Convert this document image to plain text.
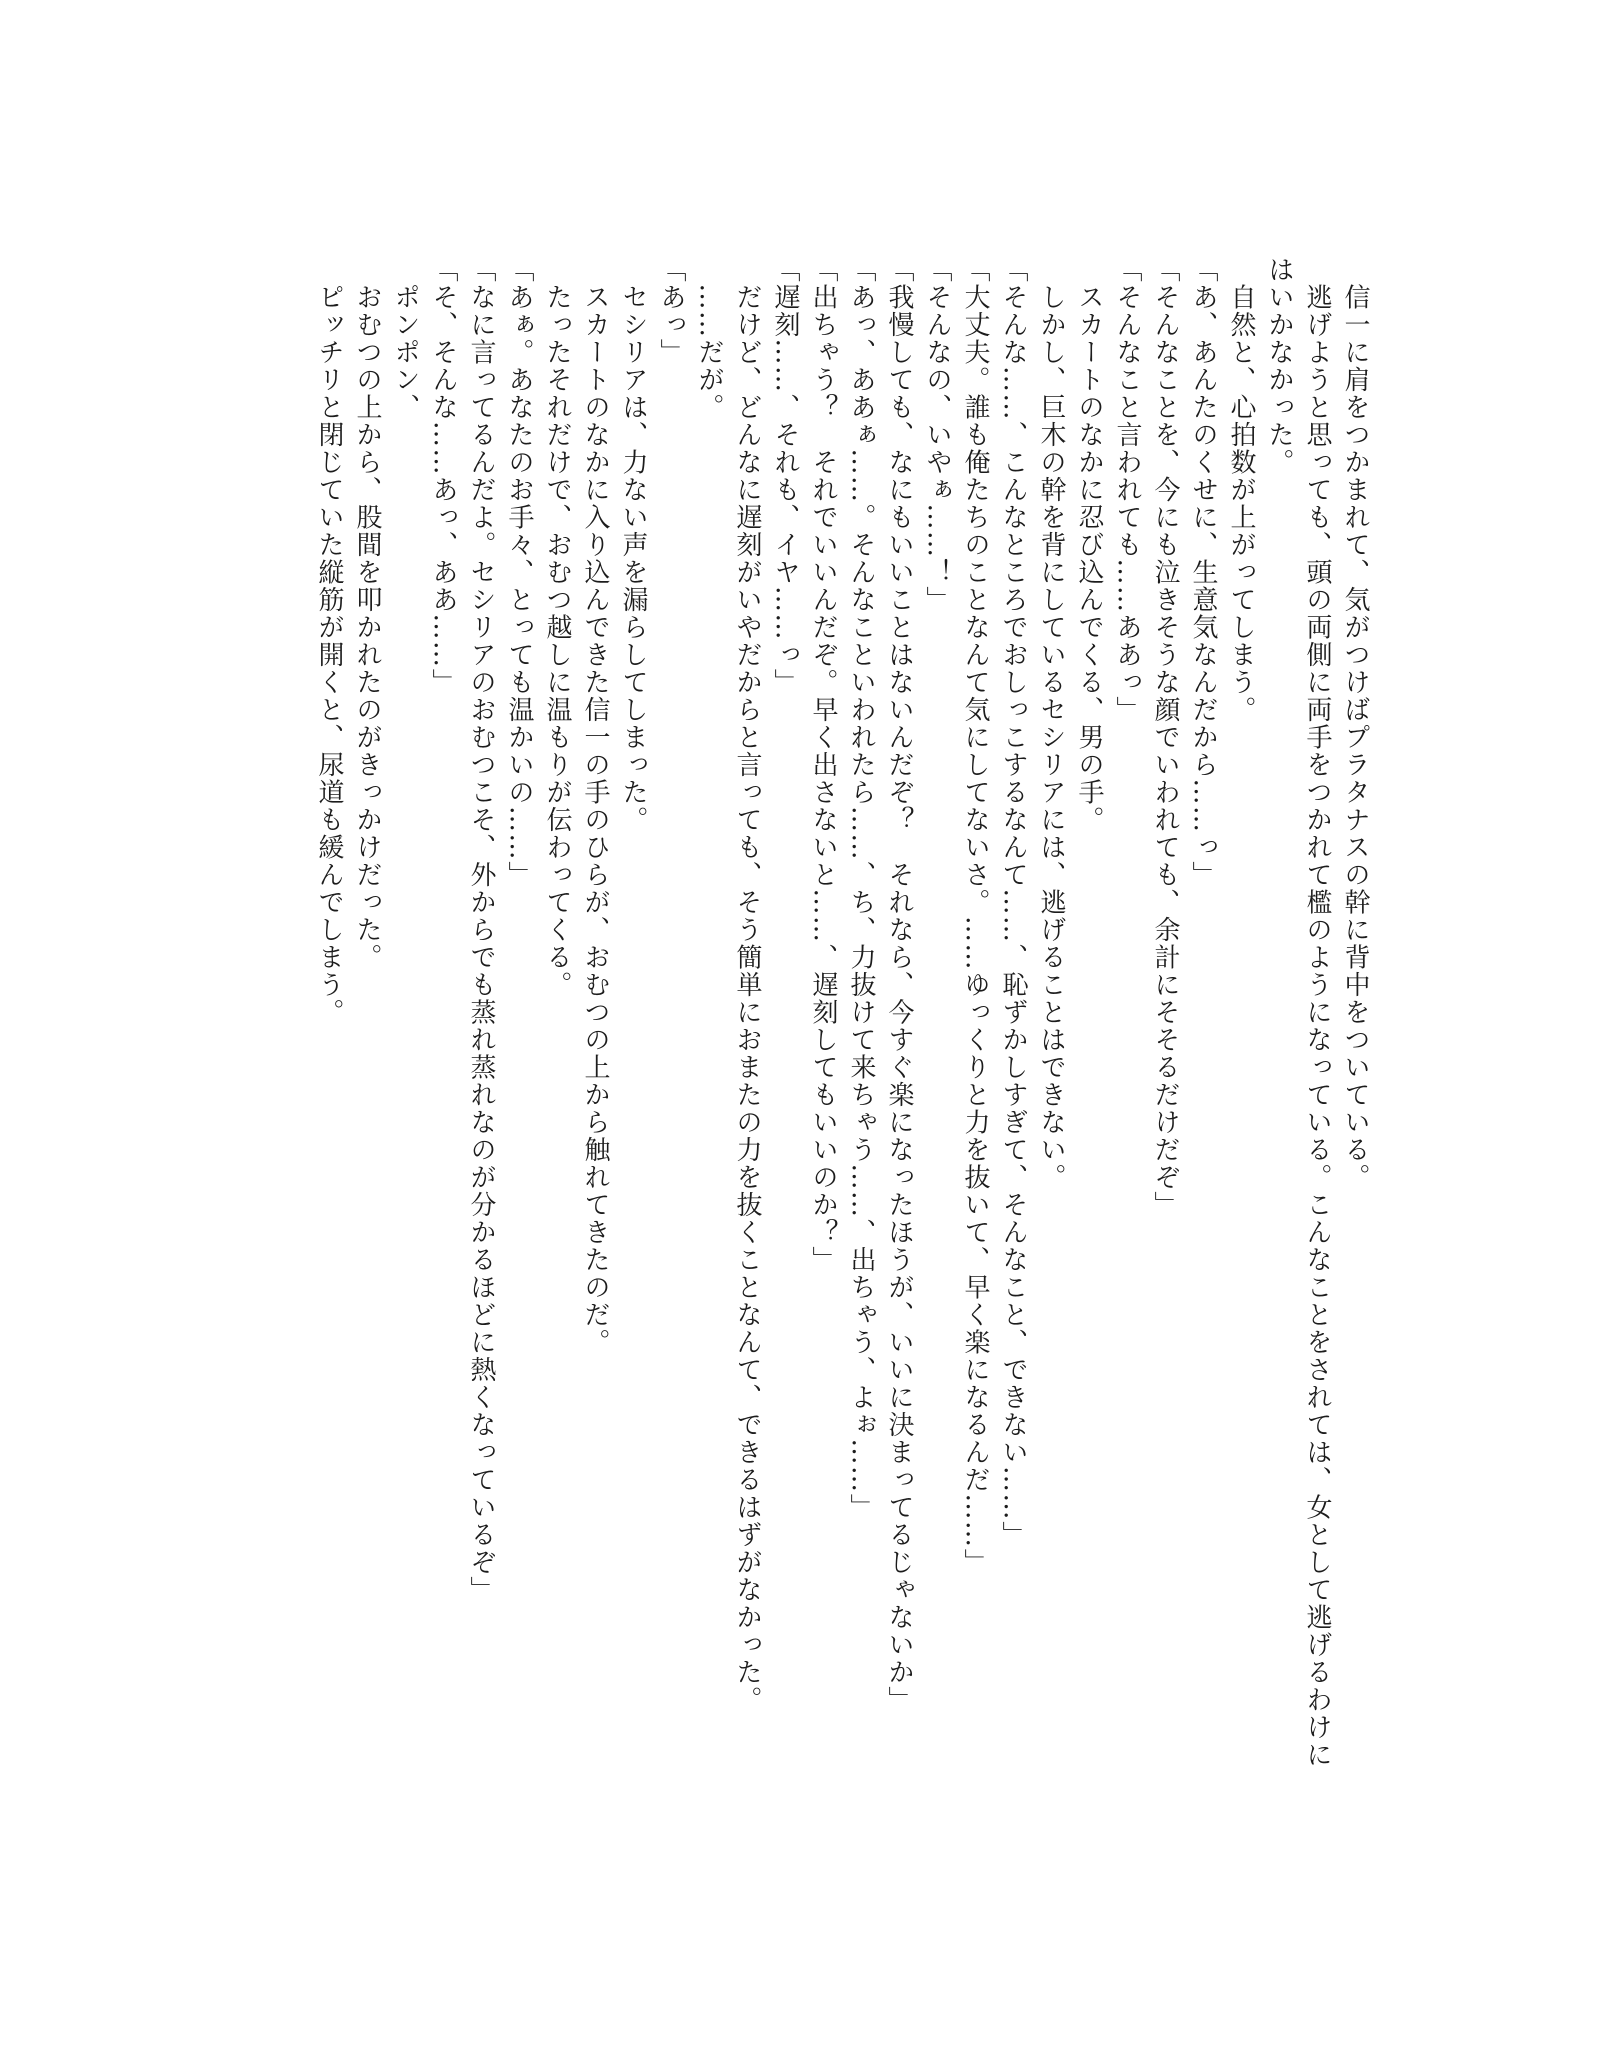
　信一に肩をつかまれて、気がつけばプラタナスの幹に背中をついている。

　逃げようと思っても、頭の両側に両手をつかれて檻のようになっている。こんなことをされては、女として逃げるわけに

はいかなかった。

　自然と、心拍数が上がってしまう。

「あ、あんたのくせに、生意気なんだから……っ」

「そんなことを、今にも泣きそうな顔でいわれても、余計にそそるだけだぞ」

「そんなこと言われても……ああっ」

　スカートのなかに忍び込んでくる、男の手。

　しかし、巨木の幹を背にしているセシリアには、逃げることはできない。

「そんな……、こんなところでおしっこするなんて……、恥ずかしすぎて、そんなこと、できない……」

「大丈夫。誰も俺たちのことなんて気にしてないさ。……ゆっくりと力を抜いて、早く楽になるんだ……」

「そんなの、いやぁ……！」

「我慢しても、なにもいいことはないんだぞ？　それなら、今すぐ楽になったほうが、いいに決まってるじゃないか」

「あっ、ああぁ……。そんなこといわれたら……、ち、力抜けて来ちゃう……、出ちゃう、よぉ……」

「出ちゃう？　それでいいんだぞ。早く出さないと……、遅刻してもいいのか？」

「遅刻……、それも、イヤ……っ」

　だけど、どんなに遅刻がいやだからと言っても、そう簡単におまたの力を抜くことなんて、できるはずがなかった。

　……だが。

「あっ」

　セシリアは、力ない声を漏らしてしまった。

　スカートのなかに入り込んできた信一の手のひらが、おむつの上から触れてきたのだ。

　たったそれだけで、おむつ越しに温もりが伝わってくる。

「あぁ。あなたのお手々、とっても温かいの……」

「なに言ってるんだよ。セシリアのおむつこそ、外からでも蒸れ蒸れなのが分かるほどに熱くなっているぞ」

「そ、そんな……あっ、ああ……」

　ポンポン、

　おむつの上から、股間を叩かれたのがきっかけだった。

　ピッチリと閉じていた縦筋が開くと、尿道も緩んでしまう。
